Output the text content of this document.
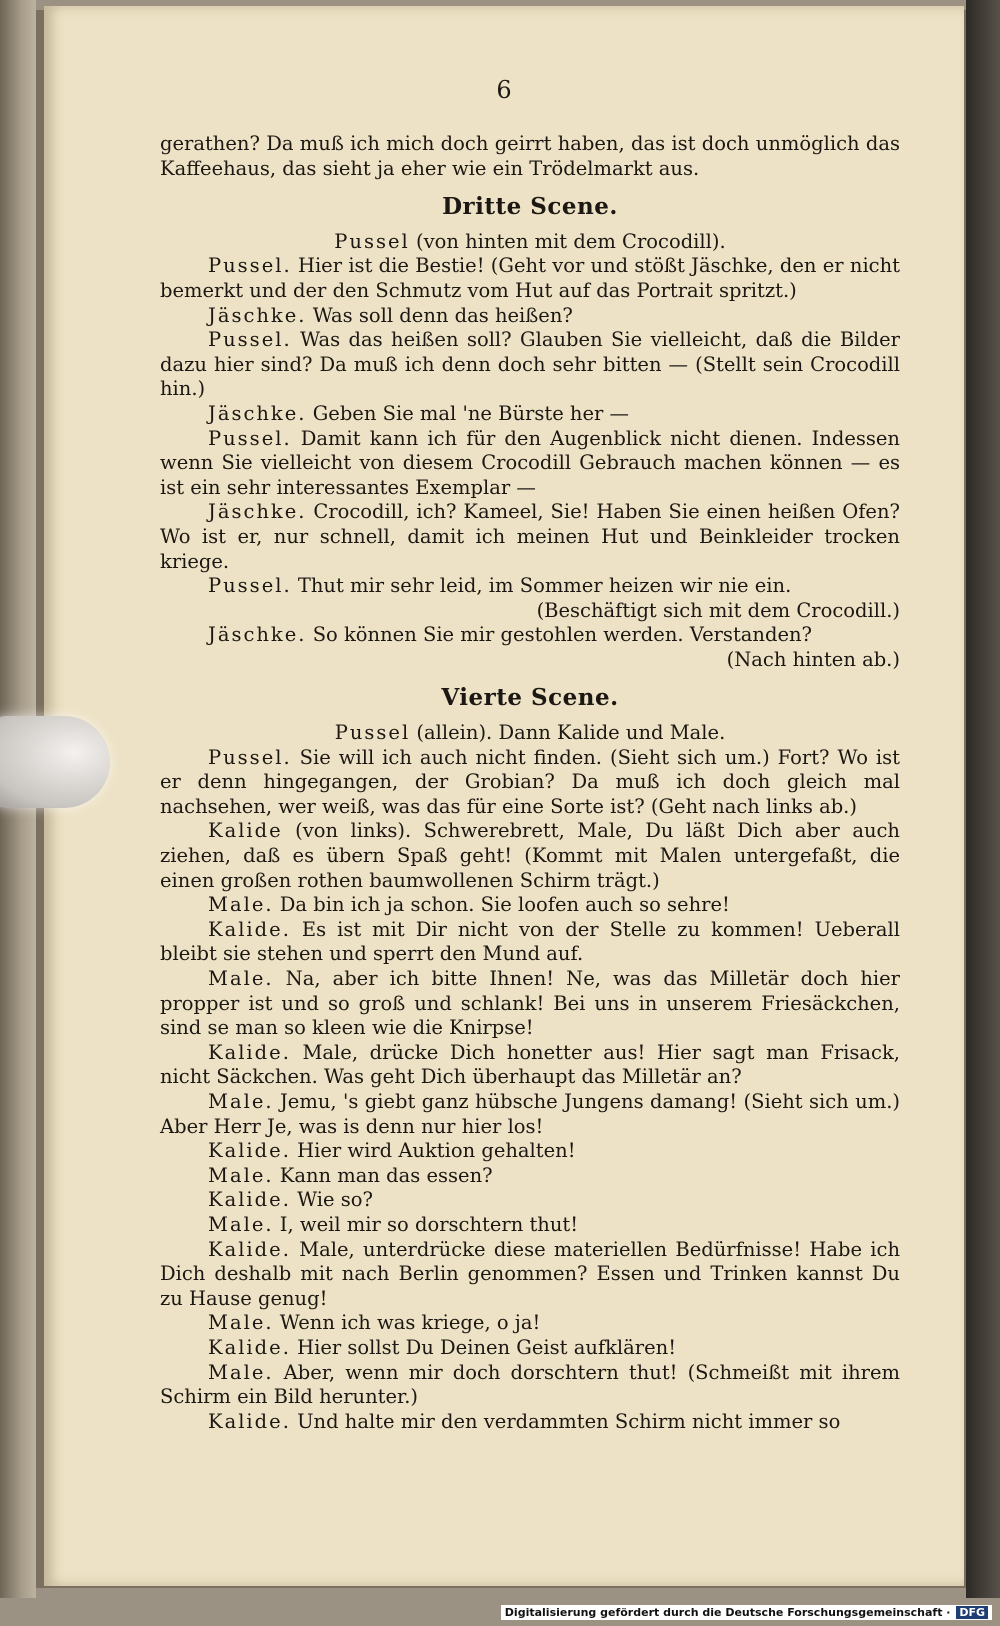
6

gerathen? Da muß ich mich doch geirrt haben, das ist doch unmöglich das Kaffeehaus, das sieht ja eher wie ein Trödelmarkt aus.

Dritte Scene.

Pussel (von hinten mit dem Crocodill).

Pussel. Hier ist die Bestie! (Geht vor und stößt Jäschke, den er nicht bemerkt und der den Schmutz vom Hut auf das Portrait spritzt.)

Jäschke. Was soll denn das heißen?

Pussel. Was das heißen soll? Glauben Sie vielleicht, daß die Bilder dazu hier sind? Da muß ich denn doch sehr bitten — (Stellt sein Crocodill hin.)

Jäschke. Geben Sie mal 'ne Bürste her —

Pussel. Damit kann ich für den Augenblick nicht dienen. Indessen wenn Sie vielleicht von diesem Crocodill Gebrauch machen können — es ist ein sehr interessantes Exemplar —

Jäschke. Crocodill, ich? Kameel, Sie! Haben Sie einen heißen Ofen? Wo ist er, nur schnell, damit ich meinen Hut und Beinkleider trocken kriege.

Pussel. Thut mir sehr leid, im Sommer heizen wir nie ein.

(Beschäftigt sich mit dem Crocodill.)

Jäschke. So können Sie mir gestohlen werden. Verstanden?

(Nach hinten ab.)

Vierte Scene.

Pussel (allein). Dann Kalide und Male.

Pussel. Sie will ich auch nicht finden. (Sieht sich um.) Fort? Wo ist er denn hingegangen, der Grobian? Da muß ich doch gleich mal nachsehen, wer weiß, was das für eine Sorte ist? (Geht nach links ab.)

Kalide (von links). Schwerebrett, Male, Du läßt Dich aber auch ziehen, daß es übern Spaß geht! (Kommt mit Malen untergefaßt, die einen großen rothen baumwollenen Schirm trägt.)

Male. Da bin ich ja schon. Sie loofen auch so sehre!

Kalide. Es ist mit Dir nicht von der Stelle zu kommen! Ueberall bleibt sie stehen und sperrt den Mund auf.

Male. Na, aber ich bitte Ihnen! Ne, was das Milletär doch hier propper ist und so groß und schlank! Bei uns in unserem Friesäckchen, sind se man so kleen wie die Knirpse!

Kalide. Male, drücke Dich honetter aus! Hier sagt man Frisack, nicht Säckchen. Was geht Dich überhaupt das Milletär an?

Male. Jemu, 's giebt ganz hübsche Jungens damang! (Sieht sich um.) Aber Herr Je, was is denn nur hier los!

Kalide. Hier wird Auktion gehalten!

Male. Kann man das essen?

Kalide. Wie so?

Male. I, weil mir so dorschtern thut!

Kalide. Male, unterdrücke diese materiellen Bedürfnisse! Habe ich Dich deshalb mit nach Berlin genommen? Essen und Trinken kannst Du zu Hause genug!

Male. Wenn ich was kriege, o ja!

Kalide. Hier sollst Du Deinen Geist aufklären!

Male. Aber, wenn mir doch dorschtern thut! (Schmeißt mit ihrem Schirm ein Bild herunter.)

Kalide. Und halte mir den verdammten Schirm nicht immer so

Digitalisierung gefördert durch die Deutsche Forschungsgemeinschaft · DFG
